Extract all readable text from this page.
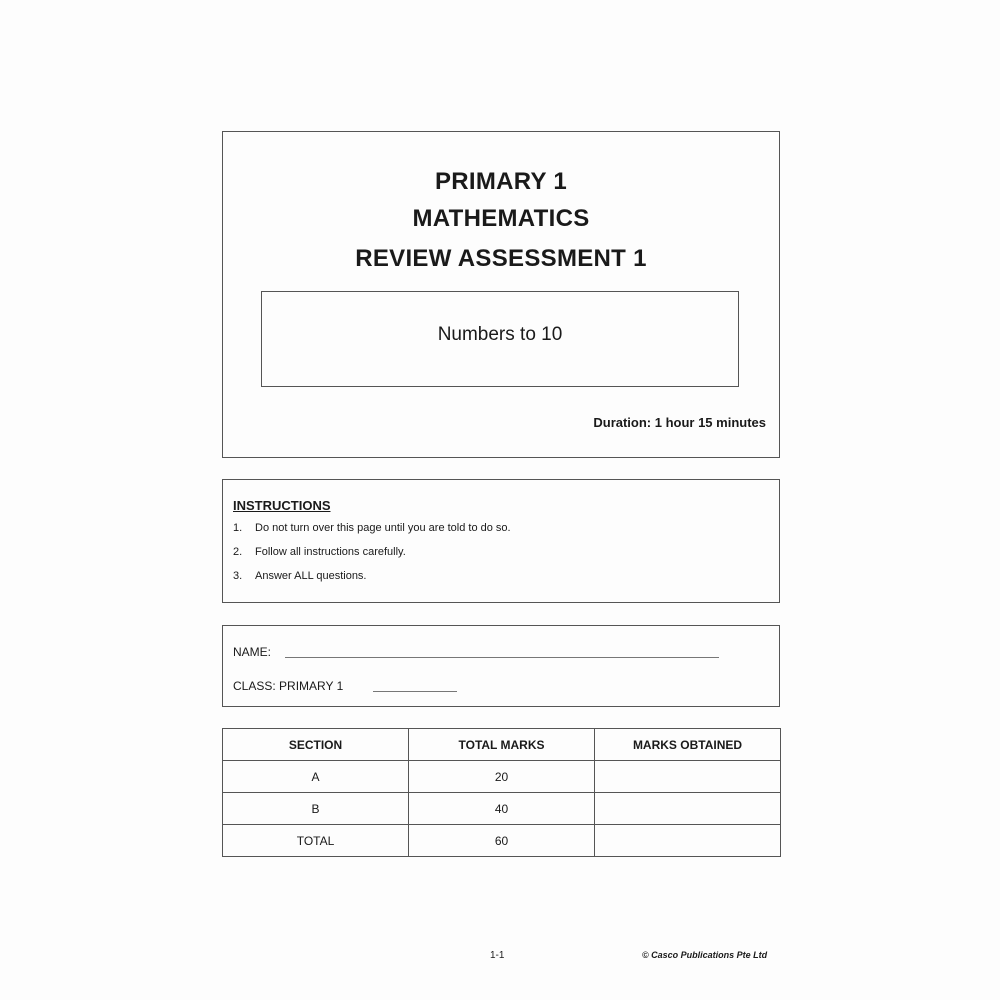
PRIMARY 1
MATHEMATICS
REVIEW ASSESSMENT 1
Numbers to 10
Duration: 1 hour 15 minutes
INSTRUCTIONS
1.	Do not turn over this page until you are told to do so.
2.	Follow all instructions carefully.
3.	Answer ALL questions.
NAME:
CLASS: PRIMARY 1
SECTION	TOTAL MARKS	MARKS OBTAINED
A	20	
B	40	
TOTAL	60	
1-1	© Casco Publications Pte Ltd
